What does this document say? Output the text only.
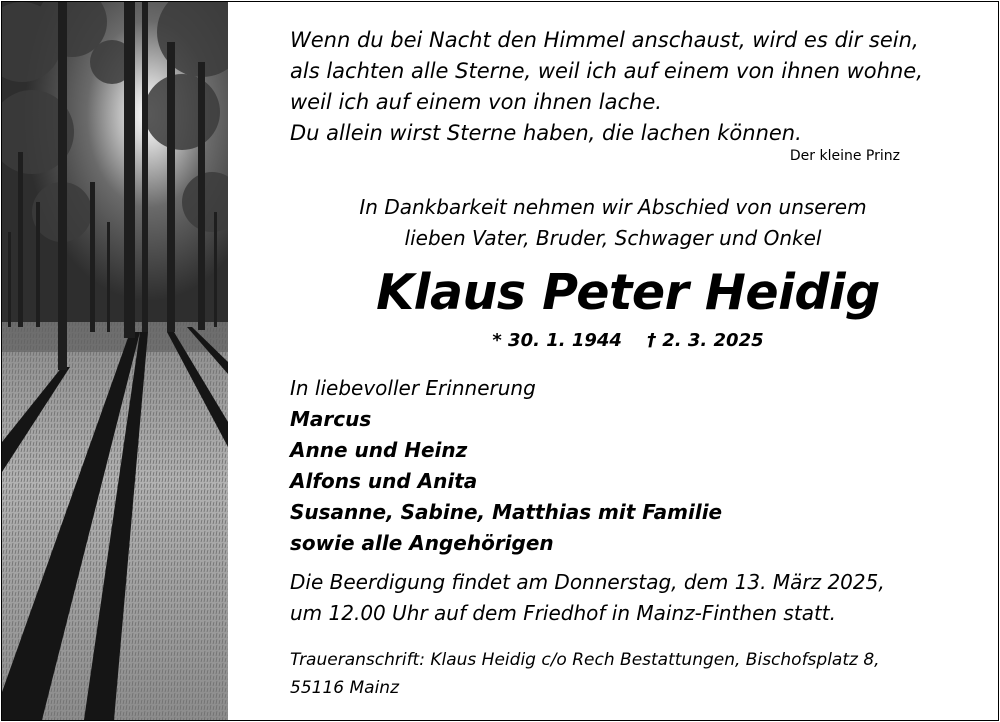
Wenn du bei Nacht den Himmel anschaust, wird es dir sein,
als lachten alle Sterne, weil ich auf einem von ihnen wohne,
weil ich auf einem von ihnen lache.
Du allein wirst Sterne haben, die lachen können.
Der kleine Prinz
In Dankbarkeit nehmen wir Abschied von unserem
lieben Vater, Bruder, Schwager und Onkel
Klaus Peter Heidig
* 30. 1. 1944    † 2. 3. 2025
In liebevoller Erinnerung
Marcus
Anne und Heinz
Alfons und Anita
Susanne, Sabine, Matthias mit Familie
sowie alle Angehörigen
Die Beerdigung findet am Donnerstag, dem 13. März 2025,
um 12.00 Uhr auf dem Friedhof in Mainz-Finthen statt.
Traueranschrift: Klaus Heidig c/o Rech Bestattungen, Bischofsplatz 8,
55116 Mainz
